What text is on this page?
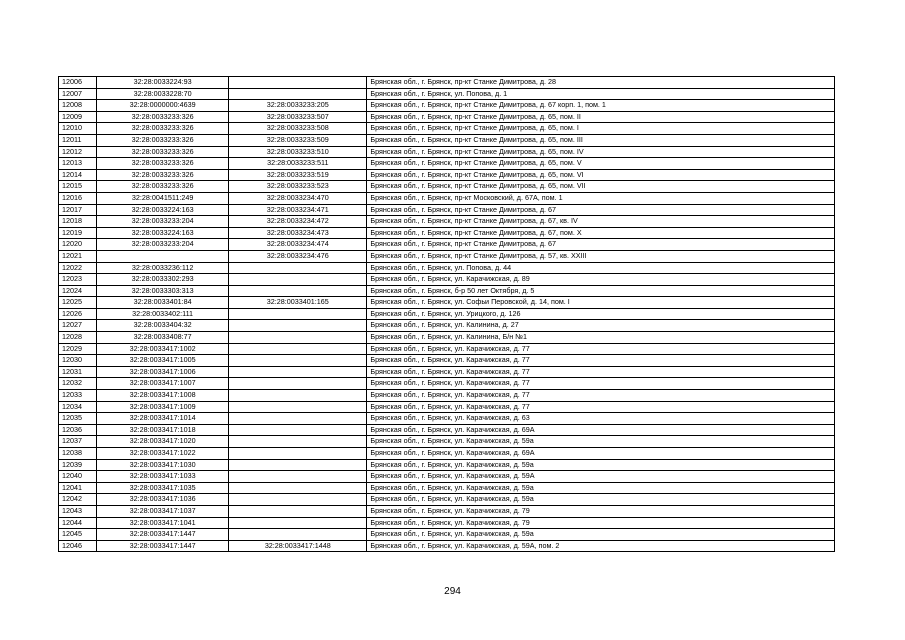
12006	32:28:0033224:93		Брянская обл., г. Брянск, пр-кт Станке Димитрова, д. 28
12007	32:28:0033228:70		Брянская обл., г. Брянск, ул. Попова, д. 1
12008	32:28:0000000:4639	32:28:0033233:205	Брянская обл., г. Брянск, пр-кт Станке Димитрова, д. 67 корп. 1, пом. 1
12009	32:28:0033233:326	32:28:0033233:507	Брянская обл., г. Брянск, пр-кт Станке Димитрова, д. 65, пом. II
12010	32:28:0033233:326	32:28:0033233:508	Брянская обл., г. Брянск, пр-кт Станке Димитрова, д. 65, пом. I
12011	32:28:0033233:326	32:28:0033233:509	Брянская обл., г. Брянск, пр-кт Станке Димитрова, д. 65, пом. III
12012	32:28:0033233:326	32:28:0033233:510	Брянская обл., г. Брянск, пр-кт Станке Димитрова, д. 65, пом. IV
12013	32:28:0033233:326	32:28:0033233:511	Брянская обл., г. Брянск, пр-кт Станке Димитрова, д. 65, пом. V
12014	32:28:0033233:326	32:28:0033233:519	Брянская обл., г. Брянск, пр-кт Станке Димитрова, д. 65, пом. VI
12015	32:28:0033233:326	32:28:0033233:523	Брянская обл., г. Брянск, пр-кт Станке Димитрова, д. 65, пом. VII
12016	32:28:0041511:249	32:28:0033234:470	Брянская обл., г. Брянск, пр-кт Московский, д. 67А, пом. 1
12017	32:28:0033224:163	32:28:0033234:471	Брянская обл., г. Брянск, пр-кт Станке Димитрова, д. 67
12018	32:28:0033233:204	32:28:0033234:472	Брянская обл., г. Брянск, пр-кт Станке Димитрова, д. 67, кв. IV
12019	32:28:0033224:163	32:28:0033234:473	Брянская обл., г. Брянск, пр-кт Станке Димитрова, д. 67, пом. X
12020	32:28:0033233:204	32:28:0033234:474	Брянская обл., г. Брянск, пр-кт Станке Димитрова, д. 67
12021		32:28:0033234:476	Брянская обл., г. Брянск, пр-кт Станке Димитрова, д. 57, кв. XXIII
12022	32:28:0033236:112		Брянская обл., г. Брянск, ул. Попова, д. 44
12023	32:28:0033302:293		Брянская обл., г. Брянск, ул. Карачижская, д. 89
12024	32:28:0033303:313		Брянская обл., г. Брянск, б-р 50 лет Октября, д. 5
12025	32:28:0033401:84	32:28:0033401:165	Брянская обл., г. Брянск, ул. Софьи Перовской, д. 14, пом. I
12026	32:28:0033402:111		Брянская обл., г. Брянск, ул. Урицкого, д. 126
12027	32:28:0033404:32		Брянская обл., г. Брянск, ул. Калинина, д. 27
12028	32:28:0033408:77		Брянская обл., г. Брянск, ул. Калинина, Б/н №1
12029	32:28:0033417:1002		Брянская обл., г. Брянск, ул. Карачижская, д. 77
12030	32:28:0033417:1005		Брянская обл., г. Брянск, ул. Карачижская, д. 77
12031	32:28:0033417:1006		Брянская обл., г. Брянск, ул. Карачижская, д. 77
12032	32:28:0033417:1007		Брянская обл., г. Брянск, ул. Карачижская, д. 77
12033	32:28:0033417:1008		Брянская обл., г. Брянск, ул. Карачижская, д. 77
12034	32:28:0033417:1009		Брянская обл., г. Брянск, ул. Карачижская, д. 77
12035	32:28:0033417:1014		Брянская обл., г. Брянск, ул. Карачижская, д. 63
12036	32:28:0033417:1018		Брянская обл., г. Брянск, ул. Карачижская, д. 69А
12037	32:28:0033417:1020		Брянская обл., г. Брянск, ул. Карачижская, д. 59а
12038	32:28:0033417:1022		Брянская обл., г. Брянск, ул. Карачижская, д. 69А
12039	32:28:0033417:1030		Брянская обл., г. Брянск, ул. Карачижская, д. 59а
12040	32:28:0033417:1033		Брянская обл., г. Брянск, ул. Карачижская, д. 59А
12041	32:28:0033417:1035		Брянская обл., г. Брянск, ул. Карачижская, д. 59а
12042	32:28:0033417:1036		Брянская обл., г. Брянск, ул. Карачижская, д. 59а
12043	32:28:0033417:1037		Брянская обл., г. Брянск, ул. Карачижская, д. 79
12044	32:28:0033417:1041		Брянская обл., г. Брянск, ул. Карачижская, д. 79
12045	32:28:0033417:1447		Брянская обл., г. Брянск, ул. Карачижская, д. 59а
12046	32:28:0033417:1447	32:28:0033417:1448	Брянская обл., г. Брянск, ул. Карачижская, д. 59А, пом. 2
294
